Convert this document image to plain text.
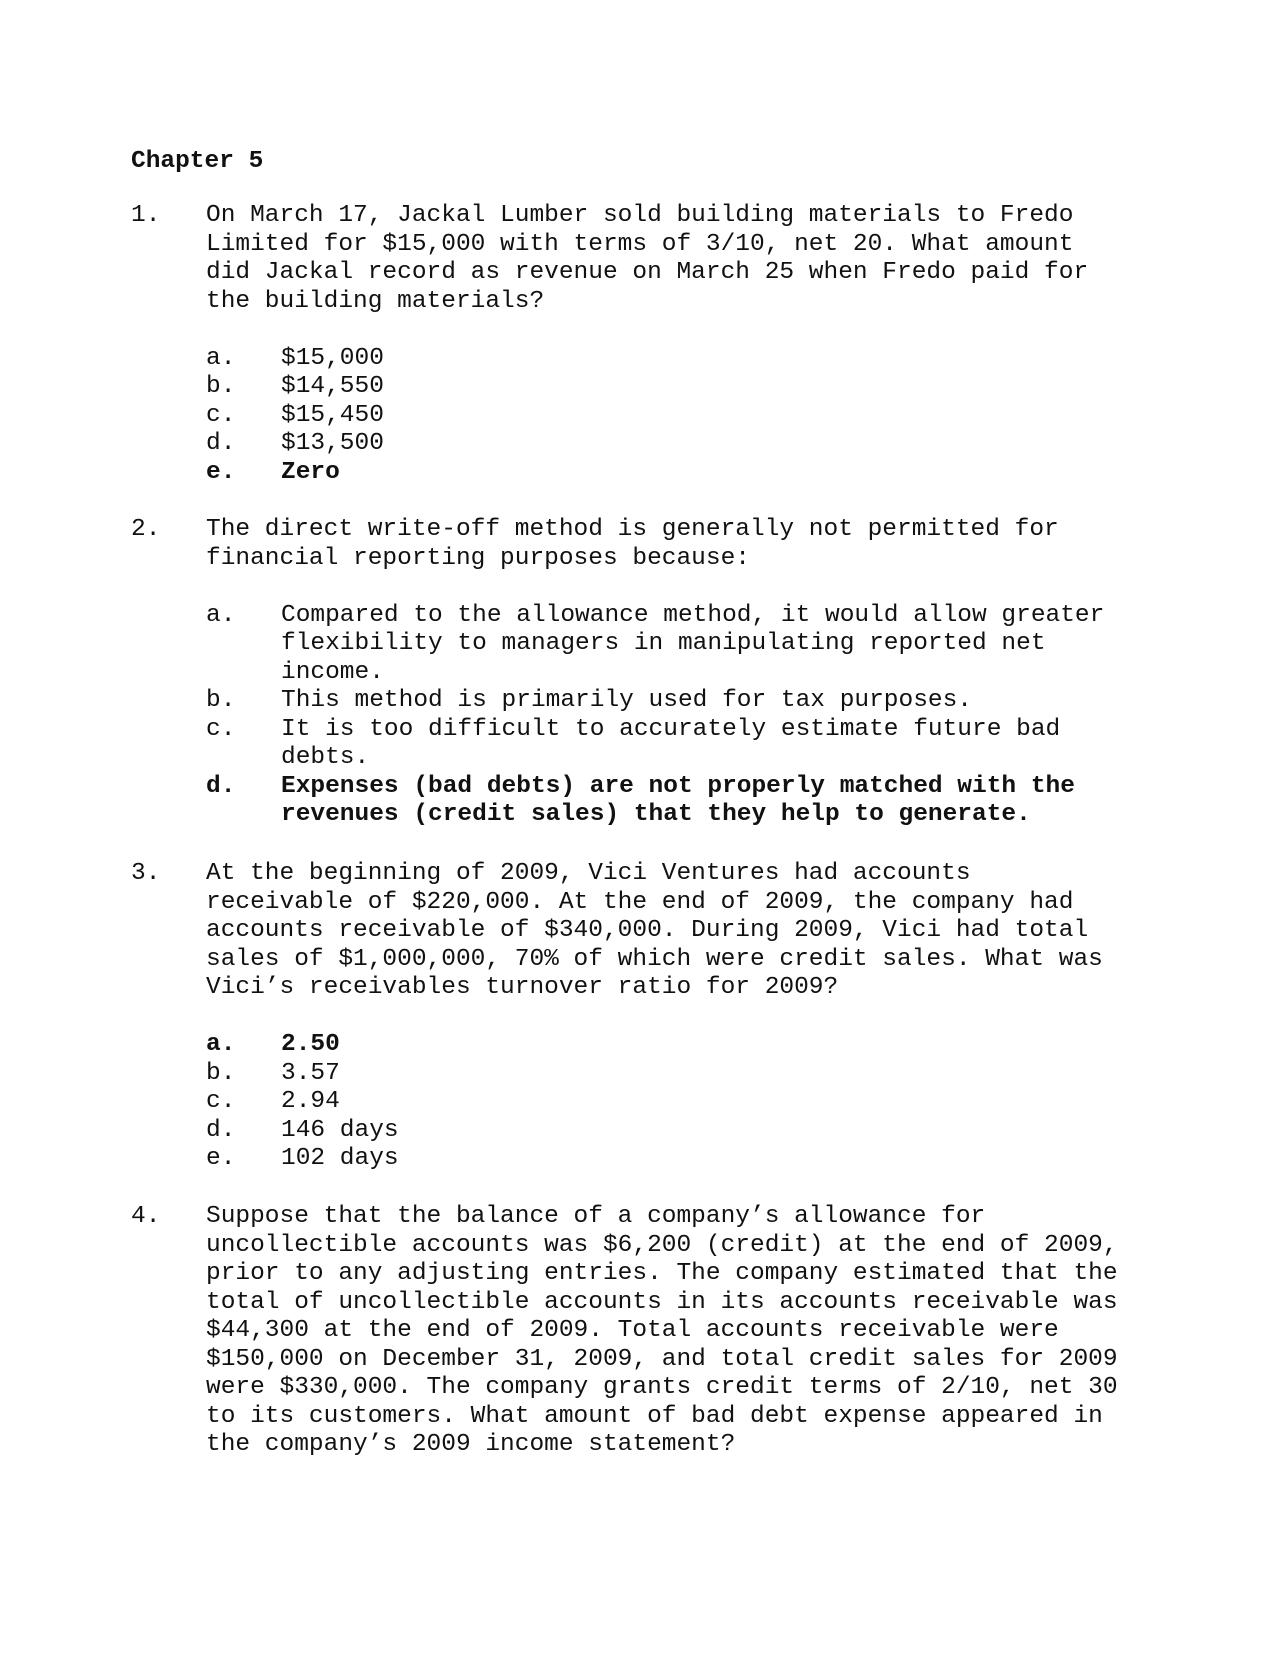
Chapter 5
1. On March 17, Jackal Lumber sold building materials to Fredo
Limited for $15,000 with terms of 3/10, net 20. What amount
did Jackal record as revenue on March 25 when Fredo paid for
the building materials?
a. $15,000
b. $14,550
c. $15,450
d. $13,500
e. Zero
2. The direct write-off method is generally not permitted for
financial reporting purposes because:
a. Compared to the allowance method, it would allow greater
flexibility to managers in manipulating reported net
income.
b. This method is primarily used for tax purposes.
c. It is too difficult to accurately estimate future bad
debts.
d. Expenses (bad debts) are not properly matched with the
revenues (credit sales) that they help to generate.
3. At the beginning of 2009, Vici Ventures had accounts
receivable of $220,000. At the end of 2009, the company had
accounts receivable of $340,000. During 2009, Vici had total
sales of $1,000,000, 70% of which were credit sales. What was
Vici’s receivables turnover ratio for 2009?
a. 2.50
b. 3.57
c. 2.94
d. 146 days
e. 102 days
4. Suppose that the balance of a company’s allowance for
uncollectible accounts was $6,200 (credit) at the end of 2009,
prior to any adjusting entries. The company estimated that the
total of uncollectible accounts in its accounts receivable was
$44,300 at the end of 2009. Total accounts receivable were
$150,000 on December 31, 2009, and total credit sales for 2009
were $330,000. The company grants credit terms of 2/10, net 30
to its customers. What amount of bad debt expense appeared in
the company’s 2009 income statement?
